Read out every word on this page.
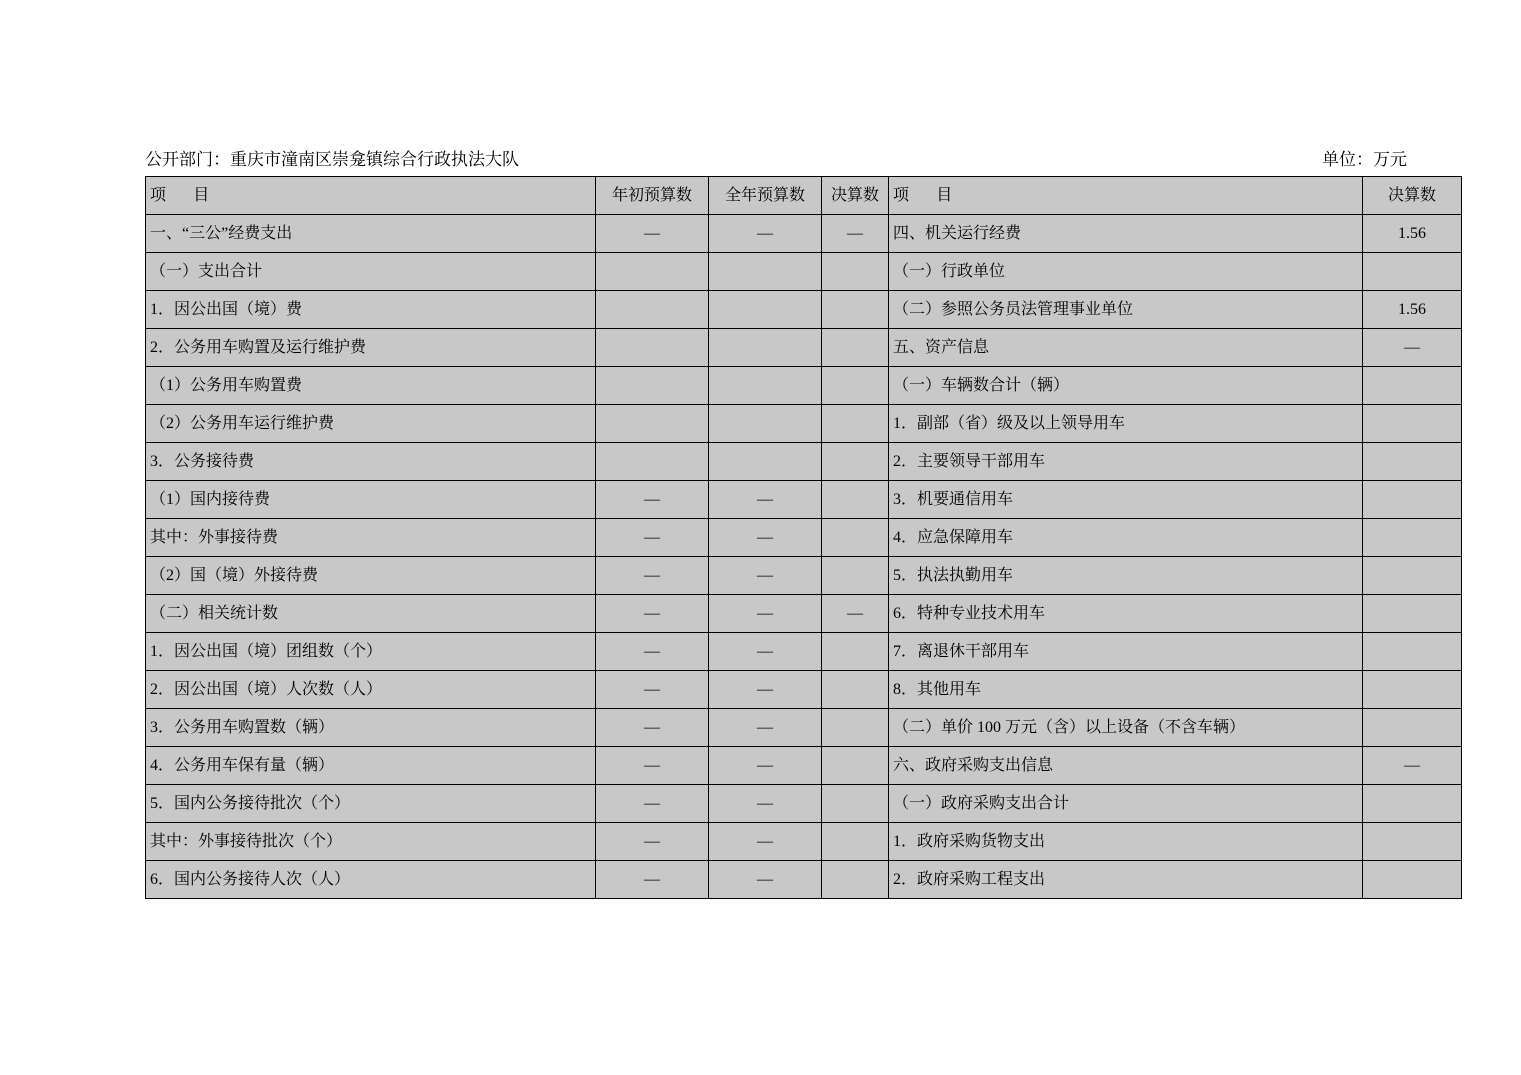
公开部门：重庆市潼南区崇龛镇综合行政执法大队	单位：万元
项　目	年初预算数	全年预算数	决算数	项　目	决算数
一、“三公”经费支出	—	—	—	四、机关运行经费	1.56
（一）支出合计				（一）行政单位	
1．因公出国（境）费				（二）参照公务员法管理事业单位	1.56
2．公务用车购置及运行维护费				五、资产信息	—
（1）公务用车购置费				（一）车辆数合计（辆）	
（2）公务用车运行维护费				1．副部（省）级及以上领导用车	
3．公务接待费				2．主要领导干部用车	
（1）国内接待费	—	—		3．机要通信用车	
其中：外事接待费	—	—		4．应急保障用车	
（2）国（境）外接待费	—	—		5．执法执勤用车	
（二）相关统计数	—	—	—	6．特种专业技术用车	
1．因公出国（境）团组数（个）	—	—		7．离退休干部用车	
2．因公出国（境）人次数（人）	—	—		8．其他用车	
3．公务用车购置数（辆）	—	—		（二）单价 100 万元（含）以上设备（不含车辆）	
4．公务用车保有量（辆）	—	—		六、政府采购支出信息	—
5．国内公务接待批次（个）	—	—		（一）政府采购支出合计	
其中：外事接待批次（个）	—	—		1．政府采购货物支出	
6．国内公务接待人次（人）	—	—		2．政府采购工程支出	
